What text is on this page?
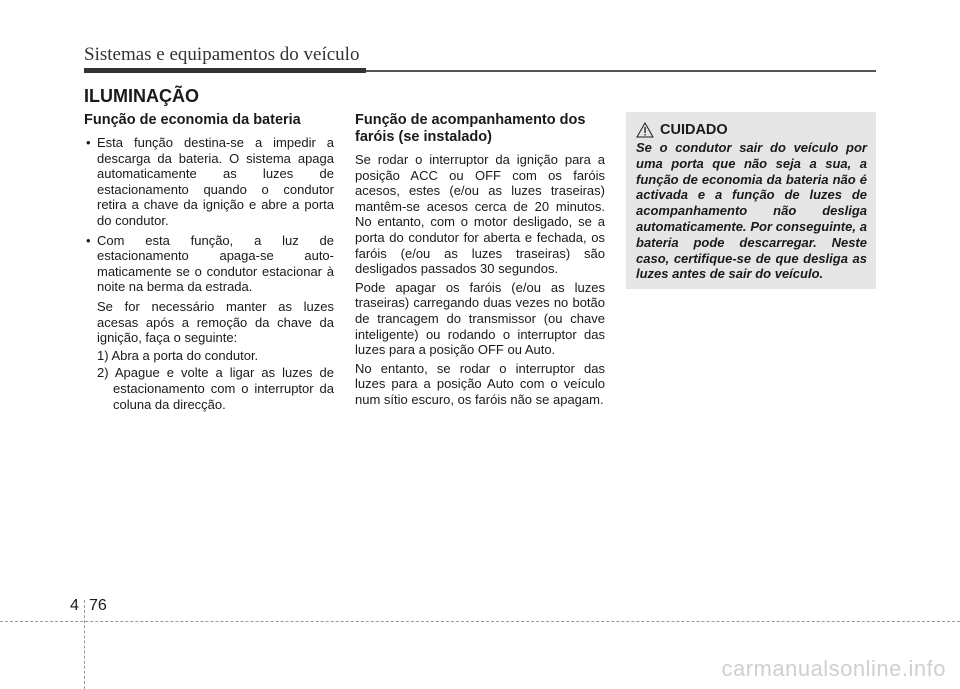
Sistemas e equipamentos do veículo
ILUMINAÇÃO
Função de economia da bateria
• Esta função destina-se a impedir a descarga da bateria. O sistema apaga automaticamente as luzes de estacionamento quando o condutor retira a chave da ignição e abre a porta do condutor.
• Com esta função, a luz de estacionamento apaga-se auto-maticamente se o condutor estacionar à noite na berma da estrada.
Se for necessário manter as luzes acesas após a remoção da chave da ignição, faça o seguinte:
1) Abra a porta do condutor.
2) Apague e volte a ligar as luzes de estacionamento com o interruptor da coluna da direcção.
Função de acompanhamento dos faróis (se instalado)
Se rodar o interruptor da ignição para a posição ACC ou OFF com os faróis acesos, estes (e/ou as luzes traseiras) mantêm-se acesos cerca de 20 minutos. No entanto, com o motor desligado, se a porta do condutor for aberta e fechada, os faróis (e/ou as luzes traseiras) são desligados passados 30 segundos.
Pode apagar os faróis (e/ou as luzes traseiras) carregando duas vezes no botão de trancagem do transmissor (ou chave inteligente) ou rodando o interruptor das luzes para a posição OFF ou Auto.
No entanto, se rodar o interruptor das luzes para a posição Auto com o veículo num sítio escuro, os faróis não se apagam.
CUIDADO
Se o condutor sair do veículo por uma porta que não seja a sua, a função de economia da bateria não é activada e a função de luzes de acompanhamento não desliga automaticamente. Por conseguinte, a bateria pode descarregar. Neste caso, certifique-se de que desliga as luzes antes de sair do veículo.
4 76
carmanualsonline.info
